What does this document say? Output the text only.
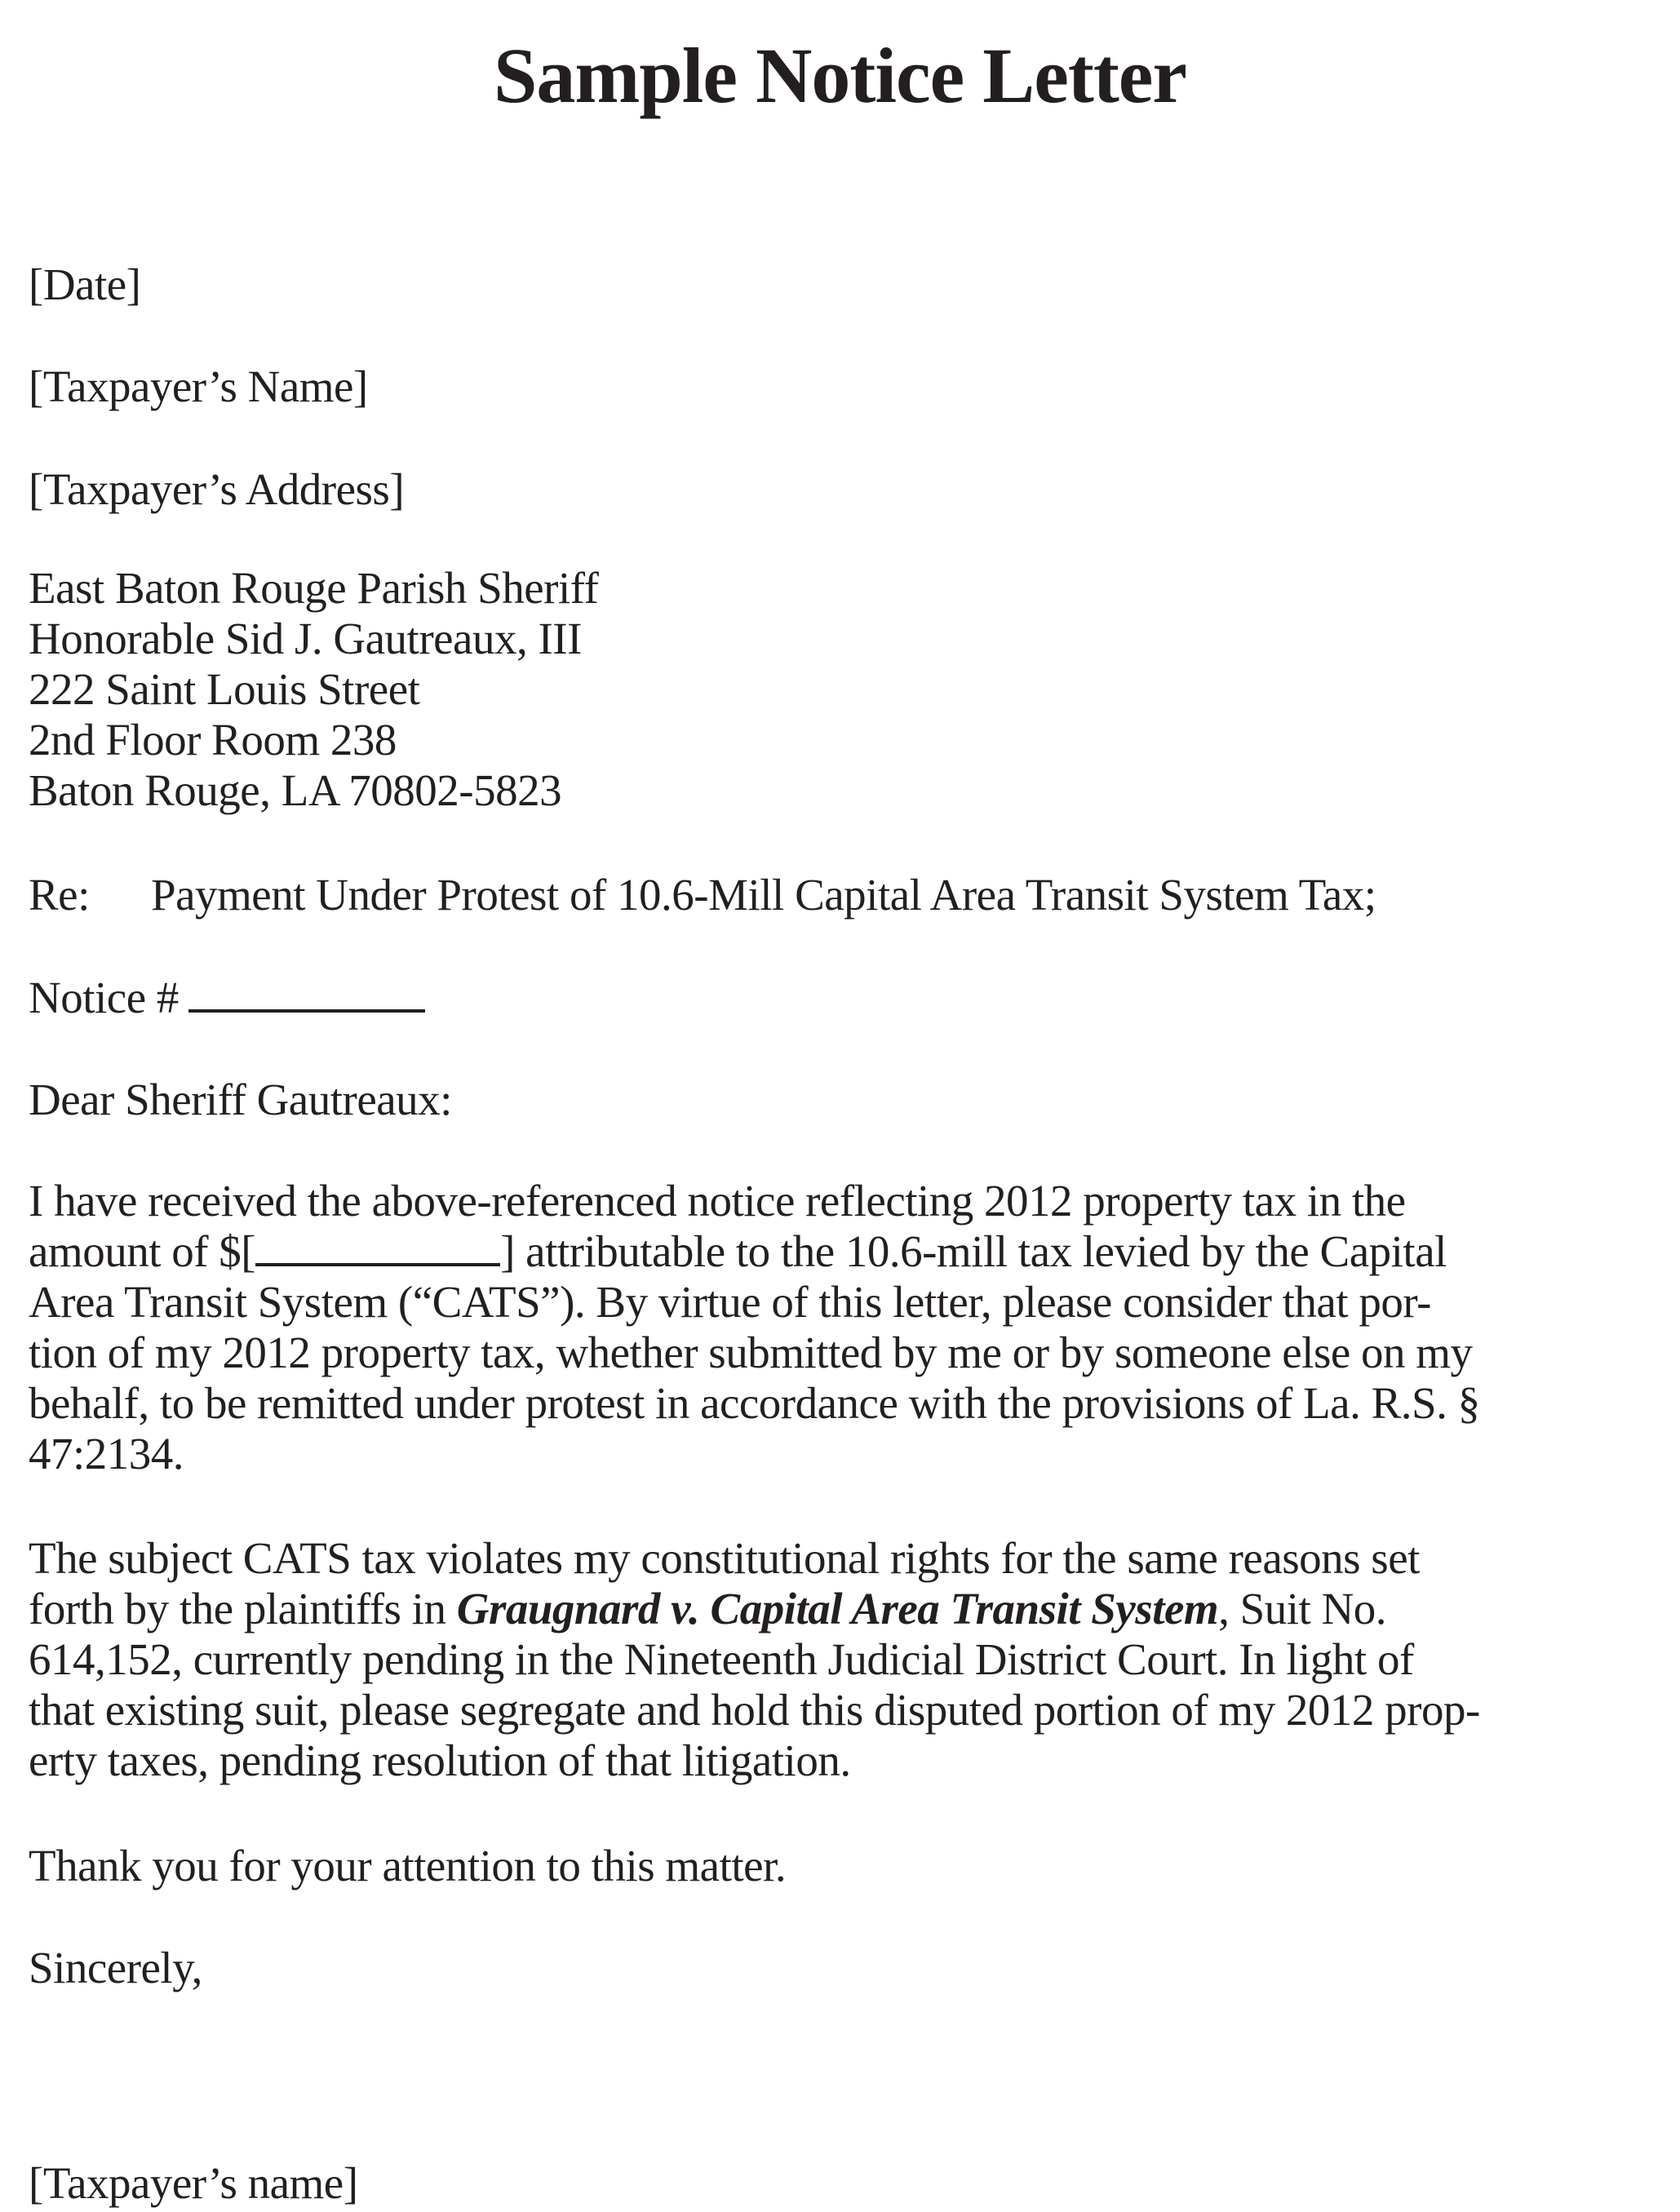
Sample Notice Letter
[Date]
[Taxpayer’s Name]
[Taxpayer’s Address]
East Baton Rouge Parish Sheriff
Honorable Sid J. Gautreaux, III
222 Saint Louis Street
2nd Floor Room 238
Baton Rouge, LA 70802-5823
Re: Payment Under Protest of 10.6-Mill Capital Area Transit System Tax;
Notice #
Dear Sheriff Gautreaux:
I have received the above-referenced notice reflecting 2012 property tax in the
amount of $[	] attributable to the 10.6-mill tax levied by the Capital
Area Transit System (“CATS”). By virtue of this letter, please consider that por-
tion of my 2012 property tax, whether submitted by me or by someone else on my
behalf, to be remitted under protest in accordance with the provisions of La. R.S. §
47:2134.
The subject CATS tax violates my constitutional rights for the same reasons set
forth by the plaintiffs in Graugnard v. Capital Area Transit System, Suit No.
614,152, currently pending in the Nineteenth Judicial District Court. In light of
that existing suit, please segregate and hold this disputed portion of my 2012 prop-
erty taxes, pending resolution of that litigation.
Thank you for your attention to this matter.
Sincerely,
[Taxpayer’s name]
